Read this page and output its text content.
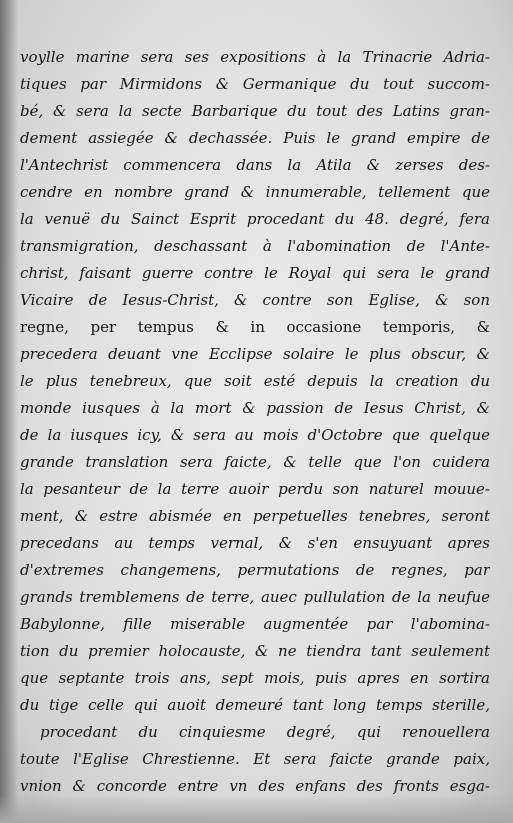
voylle marine sera ses expositions à la Trinacrie Adria-
tiques par Mirmidons & Germanique du tout succom-
bé, & sera la secte Barbarique du tout des Latins gran-
dement assiegée & dechassée. Puis le grand empire de
l'Antechrist commencera dans la Atila & zerses des-
cendre en nombre grand & innumerable, tellement que
la venuë du Sainct Esprit procedant du 48. degré, fera
transmigration, deschassant à l'abomination de l'Ante-
christ, faisant guerre contre le Royal qui sera le grand
Vicaire de Iesus-Christ, & contre son Eglise, & son
regne, per tempus & in occasione temporis, &
precedera deuant vne Ecclipse solaire le plus obscur, &
le plus tenebreux, que soit esté depuis la creation du
monde iusques à la mort & passion de Iesus Christ, &
de la iusques icy, & sera au mois d'Octobre que quelque
grande translation sera faicte, & telle que l'on cuidera
la pesanteur de la terre auoir perdu son naturel mouue-
ment, & estre abismée en perpetuelles tenebres, seront
precedans au temps vernal, & s'en ensuyuant apres
d'extremes changemens, permutations de regnes, par
grands tremblemens de terre, auec pullulation de la neufue
Babylonne, fille miserable augmentée par l'abomina-
tion du premier holocauste, & ne tiendra tant seulement
que septante trois ans, sept mois, puis apres en sortira
du tige celle qui auoit demeuré tant long temps sterille,
procedant du cinquiesme degré, qui renouellera
toute l'Eglise Chrestienne. Et sera faicte grande paix,
vnion & concorde entre vn des enfans des fronts esga-
